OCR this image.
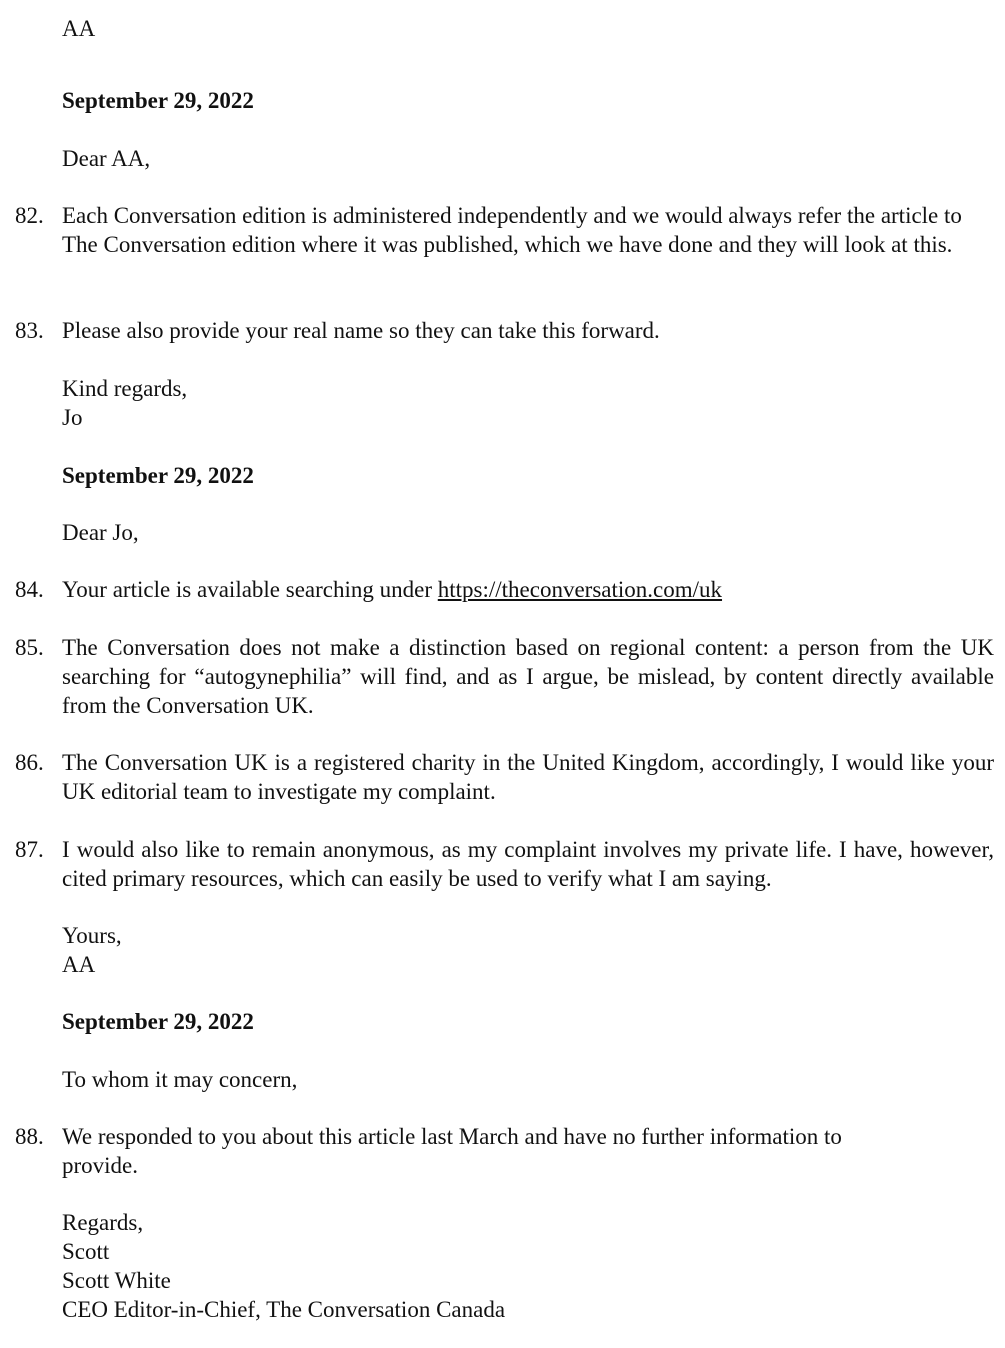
AA
September 29, 2022
Dear AA,
82. Each Conversation edition is administered independently and we would always refer the article to The Conversation edition where it was published, which we have done and they will look at this.
83. Please also provide your real name so they can take this forward.
Kind regards,
Jo
September 29, 2022
Dear Jo,
84. Your article is available searching under https://theconversation.com/uk
85. The Conversation does not make a distinction based on regional content: a person from the UK searching for “autogynephilia” will find, and as I argue, be mislead, by content directly available from the Conversation UK.
86. The Conversation UK is a registered charity in the United Kingdom, accordingly, I would like your UK editorial team to investigate my complaint.
87. I would also like to remain anonymous, as my complaint involves my private life. I have, however, cited primary resources, which can easily be used to verify what I am saying.
Yours,
AA
September 29, 2022
To whom it may concern,
88. We responded to you about this article last March and have no further information to provide.
Regards,
Scott
Scott White
CEO Editor-in-Chief, The Conversation Canada
